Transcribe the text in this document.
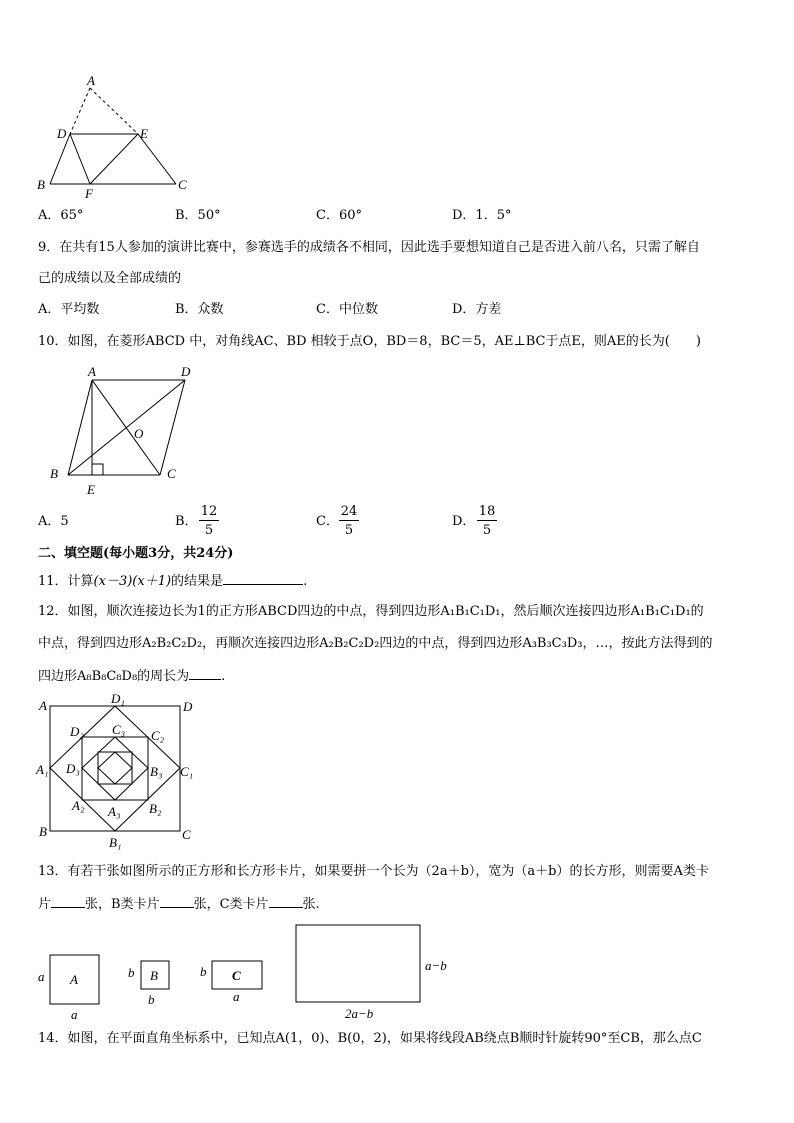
A
D	E
B
F
C
A．65°	B．50°	C．60°	D．1．5°
9．在共有15人参加的演讲比赛中，参赛选手的成绩各不相同，因此选手要想知道自己是否进入前八名，只需了解自
己的成绩以及全部成绩的
A．平均数	B．众数	C．中位数	D．方差
10．如图，在菱形ABCD 中，对角线AC、BD 相较于点O，BD＝8，BC＝5，AE⊥BC于点E，则AE的长为(　　)
A	D
O
B	C
E
A．5	B． $\frac{12}{5}$	C． $\frac{24}{5}$	D． $\frac{18}{5}$
二、填空题(每小题3分，共24分)
11．计算(x－3)(x＋1)的结果是	.
12．如图，顺次连接边长为1的正方形ABCD四边的中点，得到四边形A₁B₁C₁D₁，然后顺次连接四边形A₁B₁C₁D₁的
中点，得到四边形A₂B₂C₂D₂，再顺次连接四边形A₂B₂C₂D₂四边的中点，得到四边形A₃B₃C₃D₃，…，按此方法得到的
四边形A₈B₈C₈D₈的周长为 .
A	D
B	C
D₁
A₁	C₁
B₁
D₂	C₂
A₂	B₂
C₃
D₃	B₃
A₃
13．有若干张如图所示的正方形和长方形卡片，如果要拼一个长为（2a＋b），宽为（a＋b）的长方形，则需要A类卡
片	张，B类卡片	张，C类卡片	张.
A
a
a
B
b
b
C
b
a
a−b
2a−b
14．如图，在平面直角坐标系中，已知点A(1，0)、B(0，2)，如果将线段AB绕点B顺时针旋转90°至CB，那么点C
